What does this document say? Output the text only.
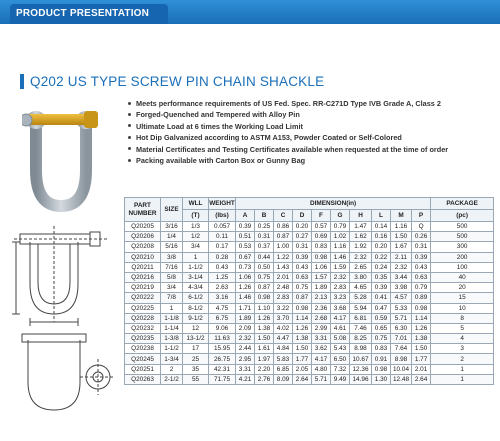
PRODUCT PRESENTATION
Q202 US TYPE SCREW PIN CHAIN SHACKLE
Meets performance requirements of US Fed. Spec. RR-C271D Type IVB Grade A, Class 2
Forged-Quenched and Tempered with Alloy Pin
Ultimate Load at 6 times the Working Load Limit
Hot Dip Galvanized according to ASTM A153, Powder Coated or Self-Colored
Material Certificates and Testing Certificates available when requested at the time of order
Packing available with Carton Box or Gunny Bag
PART NUMBER	SIZE	WLL	WEIGHT	DIMENSION(in)										PACKAGE
		(T)	(lbs)	A	B	C	D	F	G	H	L	M	P	(pc)
Q20205	3/16	1/3	0.057	0.39	0.25	0.86	0.20	0.57	0.79	1.47	0.14	1.16	Q	500
Q20206	1/4	1/2	0.11	0.51	0.31	0.87	0.27	0.69	1.02	1.62	0.16	1.50	0.26	500
Q20208	5/16	3/4	0.17	0.53	0.37	1.00	0.31	0.83	1.16	1.92	0.20	1.67	0.31	300
Q20210	3/8	1	0.28	0.67	0.44	1.22	0.39	0.98	1.46	2.32	0.22	2.11	0.39	200
Q20211	7/16	1-1/2	0.43	0.73	0.50	1.43	0.43	1.06	1.59	2.65	0.24	2.32	0.43	100
Q20216	5/8	3-1/4	1.25	1.06	0.75	2.01	0.63	1.57	2.32	3.80	0.35	3.44	0.63	40
Q20219	3/4	4-3/4	2.63	1.26	0.87	2.48	0.75	1.89	2.83	4.65	0.39	3.98	0.79	20
Q20222	7/8	6-1/2	3.16	1.46	0.98	2.83	0.87	2.13	3.23	5.28	0.41	4.57	0.89	15
Q20225	1	8-1/2	4.75	1.71	1.10	3.22	0.98	2.36	3.68	5.94	0.47	5.33	0.98	10
Q20228	1-1/8	9-1/2	6.75	1.89	1.26	3.70	1.14	2.68	4.17	6.81	0.59	5.71	1.14	8
Q20232	1-1/4	12	9.06	2.09	1.38	4.02	1.26	2.99	4.61	7.46	0.65	6.30	1.26	5
Q20235	1-3/8	13-1/2	11.63	2.32	1.50	4.47	1.38	3.31	5.08	8.25	0.75	7.01	1.38	4
Q20238	1-1/2	17	15.95	2.44	1.61	4.84	1.50	3.62	5.43	8.98	0.83	7.64	1.50	3
Q20245	1-3/4	25	26.75	2.95	1.97	5.83	1.77	4.17	6.50	10.67	0.91	8.98	1.77	2
Q20251	2	35	42.31	3.31	2.20	6.85	2.05	4.80	7.32	12.36	0.98	10.04	2.01	1
Q20263	2-1/2	55	71.75	4.21	2.76	8.09	2.64	5.71	9.49	14.96	1.30	12.48	2.64	1
